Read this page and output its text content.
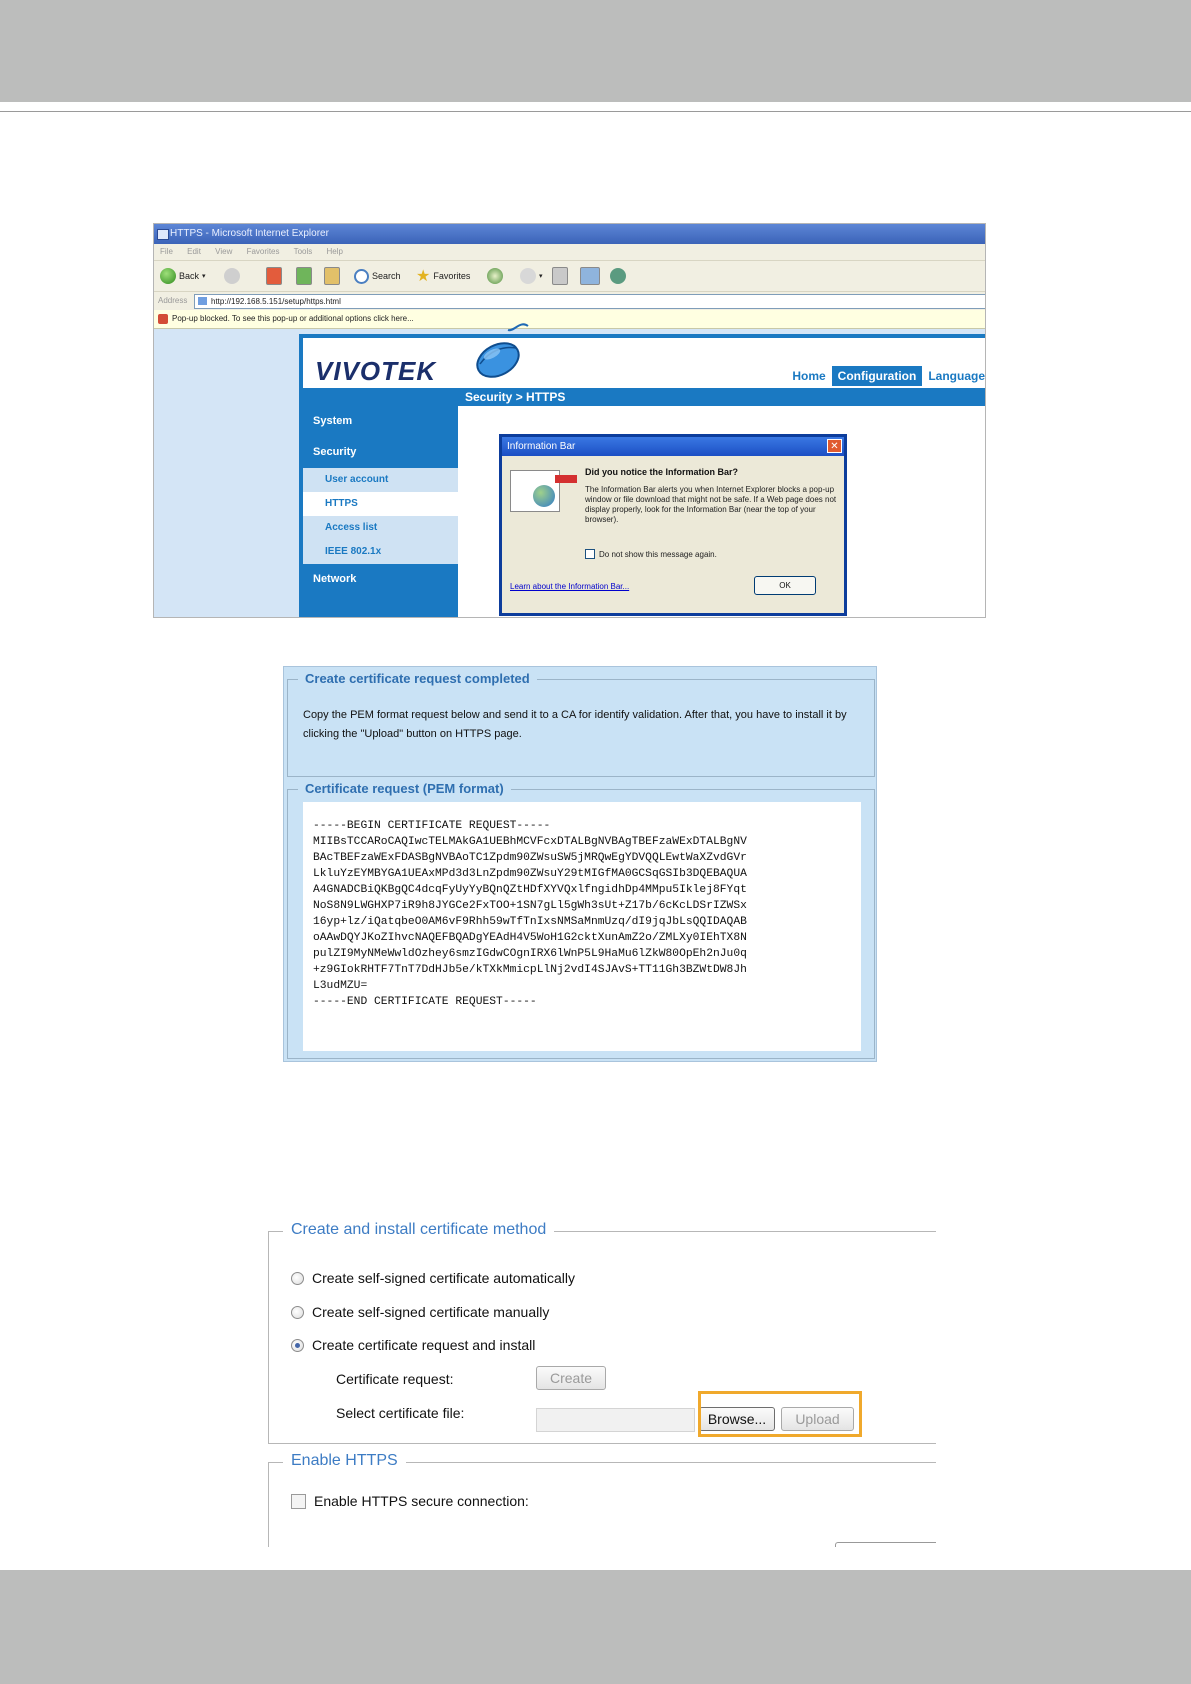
HTTPS - Microsoft Internet Explorer
File Edit View Favorites Tools Help
Back ▾	Search ★ Favorites	▾
Address	http://192.168.5.151/setup/https.html
Pop-up blocked. To see this pop-up or additional options click here...
VIVOTEK	Home	Configuration	Language
Security > HTTPS
System
Security
User account
HTTPS
Access list
IEEE 802.1x
Network
Information Bar	✕
Did you notice the Information Bar?
The Information Bar alerts you when Internet Explorer blocks a pop-up window or file download that might not be safe. If a Web page does not display properly, look for the Information Bar (near the top of your browser).
Do not show this message again.
Learn about the Information Bar...	OK
Create certificate request completed
Copy the PEM format request below and send it to a CA for identify validation. After that, you have to install it by clicking the "Upload" button on HTTPS page.
Certificate request (PEM format)
-----BEGIN CERTIFICATE REQUEST-----
MIIBsTCCARoCAQIwcTELMAkGA1UEBhMCVFcxDTALBgNVBAgTBEFzaWExDTALBgNV
BAcTBEFzaWExFDASBgNVBAoTC1Zpdm90ZWsuSW5jMRQwEgYDVQQLEwtWaXZvdGVr
LkluYzEYMBYGA1UEAxMPd3d3LnZpdm90ZWsuY29tMIGfMA0GCSqGSIb3DQEBAQUA
A4GNADCBiQKBgQC4dcqFyUyYyBQnQZtHDfXYVQxlfngidhDp4MMpu5Iklej8FYqt
NoS8N9LWGHXP7iR9h8JYGCe2FxTOO+1SN7gLl5gWh3sUt+Z17b/6cKcLDSrIZWSx
16yp+lz/iQatqbeO0AM6vF9Rhh59wTfTnIxsNMSaMnmUzq/dI9jqJbLsQQIDAQAB
oAAwDQYJKoZIhvcNAQEFBQADgYEAdH4V5WoH1G2cktXunAmZ2o/ZMLXy0IEhTX8N
pulZI9MyNMeWwldOzhey6smzIGdwCOgnIRX6lWnP5L9HaMu6lZkW80OpEh2nJu0q
+z9GIokRHTF7TnT7DdHJb5e/kTXkMmicpLlNj2vdI4SJAvS+TT11Gh3BZWtDW8Jh
L3udMZU=
-----END CERTIFICATE REQUEST-----
Create and install certificate method
Create self-signed certificate automatically
Create self-signed certificate manually
Create certificate request and install
Certificate request:	Create
Select certificate file:	Browse...	Upload
Enable HTTPS
Enable HTTPS secure connection:
